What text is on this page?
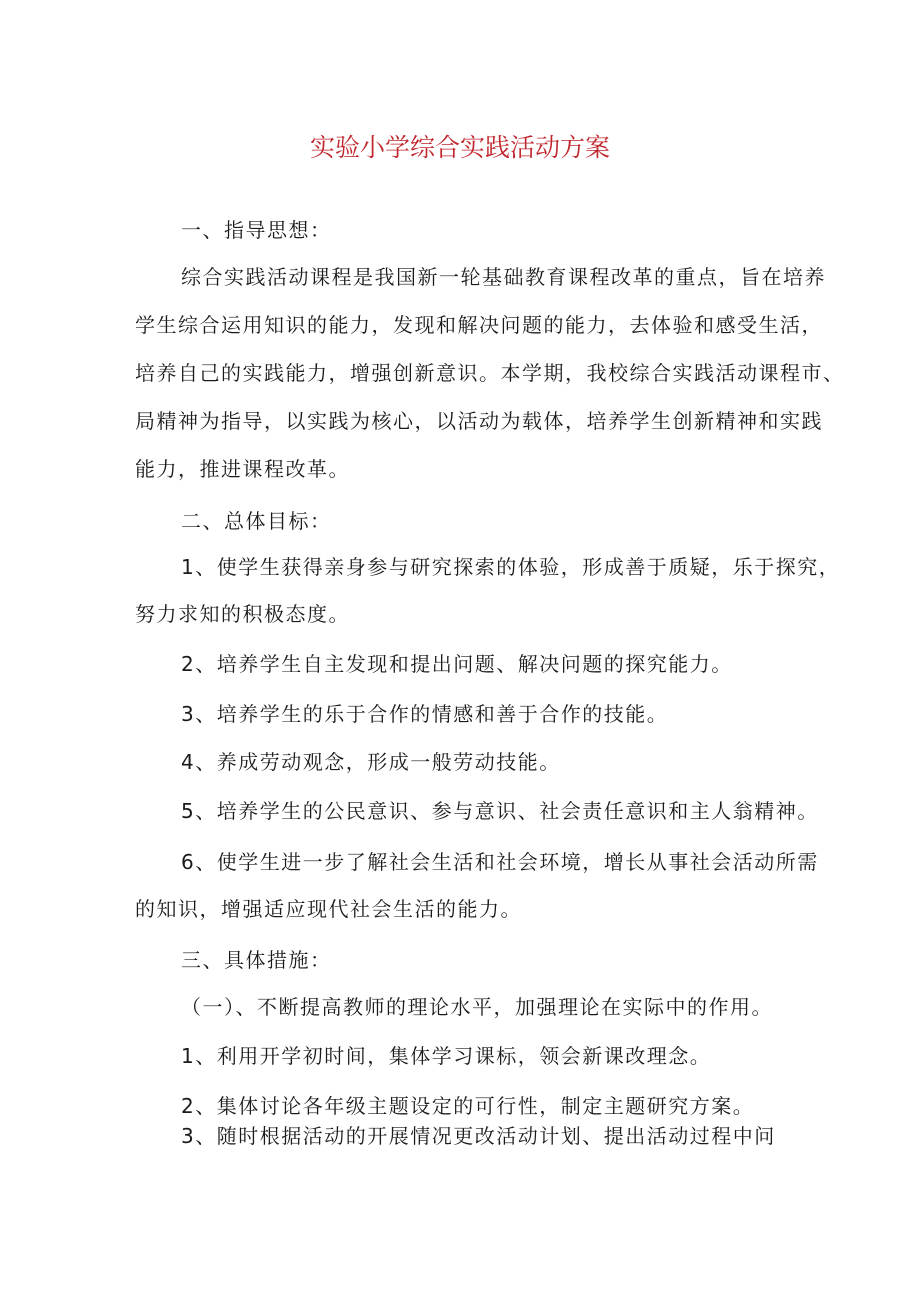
实验小学综合实践活动方案
一、指导思想：
综合实践活动课程是我国新一轮基础教育课程改革的重点，旨在培养
学生综合运用知识的能力，发现和解决问题的能力，去体验和感受生活，
培养自己的实践能力，增强创新意识。本学期，我校综合实践活动课程市、
局精神为指导，以实践为核心，以活动为载体，培养学生创新精神和实践
能力，推进课程改革。
二、总体目标：
1、使学生获得亲身参与研究探索的体验，形成善于质疑，乐于探究，
努力求知的积极态度。
2、培养学生自主发现和提出问题、解决问题的探究能力。
3、培养学生的乐于合作的情感和善于合作的技能。
4、养成劳动观念，形成一般劳动技能。
5、培养学生的公民意识、参与意识、社会责任意识和主人翁精神。
6、使学生进一步了解社会生活和社会环境，增长从事社会活动所需
的知识，增强适应现代社会生活的能力。
三、具体措施：
（一）、不断提高教师的理论水平，加强理论在实际中的作用。
1、利用开学初时间，集体学习课标，领会新课改理念。
2、集体讨论各年级主题设定的可行性，制定主题研究方案。
3、随时根据活动的开展情况更改活动计划、提出活动过程中问
